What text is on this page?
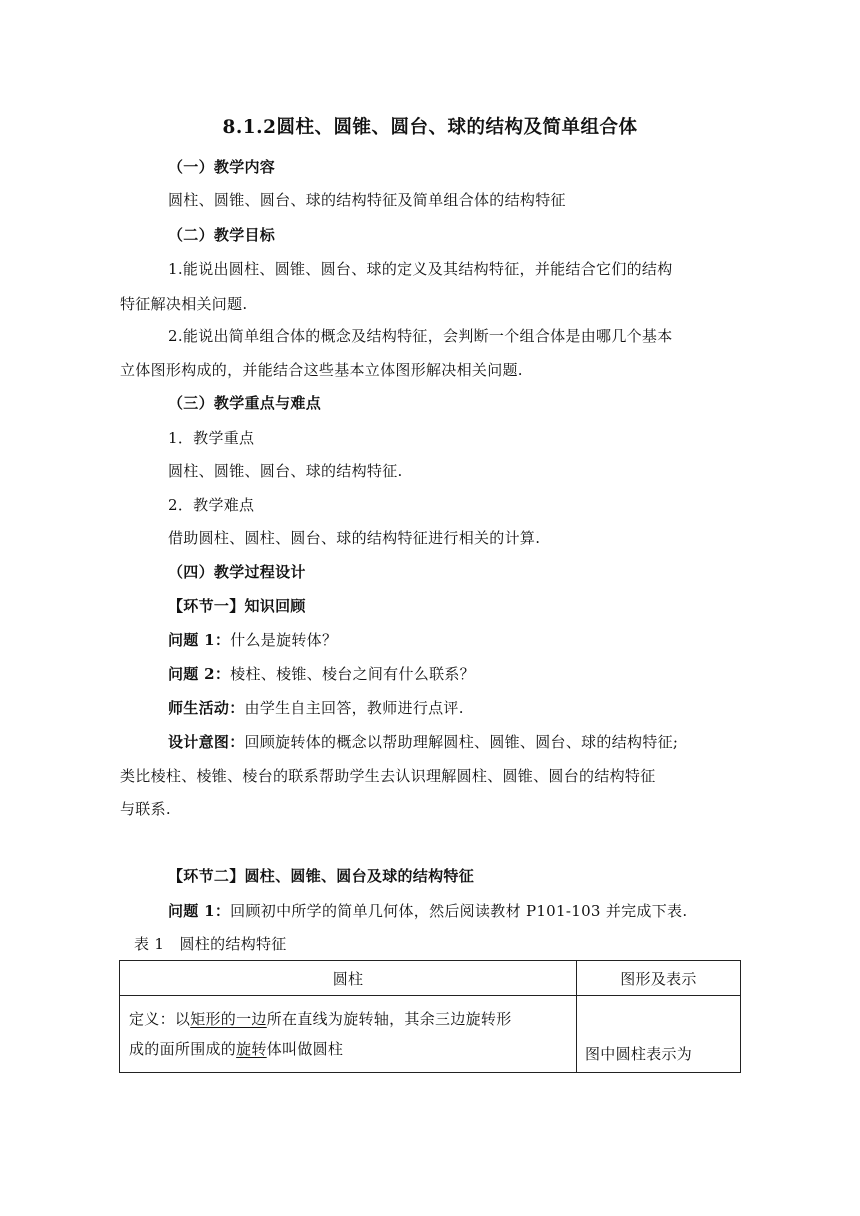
8.1.2圆柱、圆锥、圆台、球的结构及简单组合体
（一）教学内容
圆柱、圆锥、圆台、球的结构特征及简单组合体的结构特征
（二）教学目标
1.能说出圆柱、圆锥、圆台、球的定义及其结构特征，并能结合它们的结构
特征解决相关问题.
2.能说出简单组合体的概念及结构特征，会判断一个组合体是由哪几个基本
立体图形构成的，并能结合这些基本立体图形解决相关问题.
（三）教学重点与难点
1．教学重点
圆柱、圆锥、圆台、球的结构特征.
2．教学难点
借助圆柱、圆柱、圆台、球的结构特征进行相关的计算.
（四）教学过程设计
【环节一】知识回顾
问题 1：什么是旋转体？
问题 2：棱柱、棱锥、棱台之间有什么联系？
师生活动：由学生自主回答，教师进行点评.
设计意图：回顾旋转体的概念以帮助理解圆柱、圆锥、圆台、球的结构特征;
类比棱柱、棱锥、棱台的联系帮助学生去认识理解圆柱、圆锥、圆台的结构特征
与联系.
【环节二】圆柱、圆锥、圆台及球的结构特征
问题 1：回顾初中所学的简单几何体，然后阅读教材 P101-103 并完成下表.
表 1　圆柱的结构特征
圆柱	图形及表示
定义：以矩形的一边所在直线为旋转轴，其余三边旋转形
成的面所围成的旋转体叫做圆柱	图中圆柱表示为
